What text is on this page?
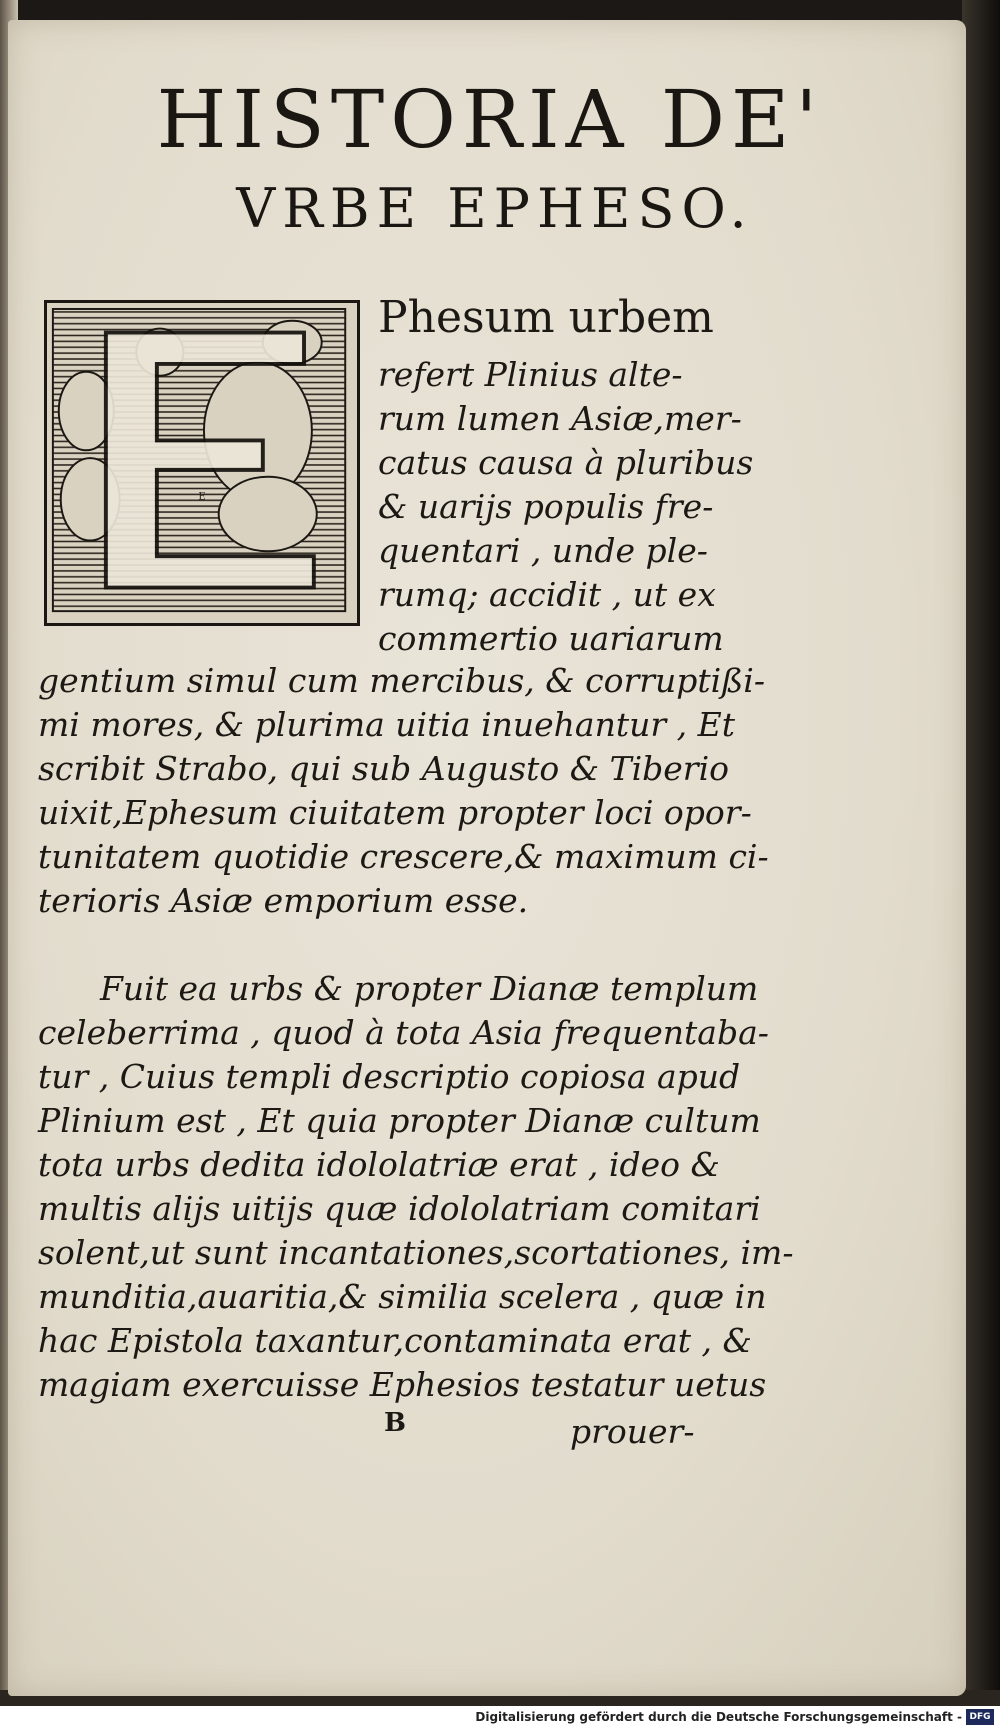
HISTORIA DE'
VRBE EPHESO.
E
Phesum urbem
refert Plinius alte-
rum lumen Asiæ,mer-
catus causa à pluribus
& uarijs populis fre-
quentari , unde ple-
rumq; accidit , ut ex
commertio uariarum
gentium simul cum mercibus, & corruptißi-
mi mores, & plurima uitia inuehantur , Et
scribit Strabo, qui sub Augusto & Tiberio
uixit,Ephesum ciuitatem propter loci opor-
tunitatem quotidie crescere,& maximum ci-
terioris Asiæ emporium esse.
Fuit ea urbs & propter Dianæ templum
celeberrima , quod à tota Asia frequentaba-
tur , Cuius templi descriptio copiosa apud
Plinium est , Et quia propter Dianæ cultum
tota urbs dedita idololatriæ erat , ideo &
multis alijs uitijs quæ idololatriam comitari
solent,ut sunt incantationes,scortationes, im-
munditia,auaritia,& similia scelera , quæ in
hac Epistola taxantur,contaminata erat , &
magiam exercuisse Ephesios testatur uetus
B	prouer-
Digitalisierung gefördert durch die Deutsche Forschungsgemeinschaft - DFG
